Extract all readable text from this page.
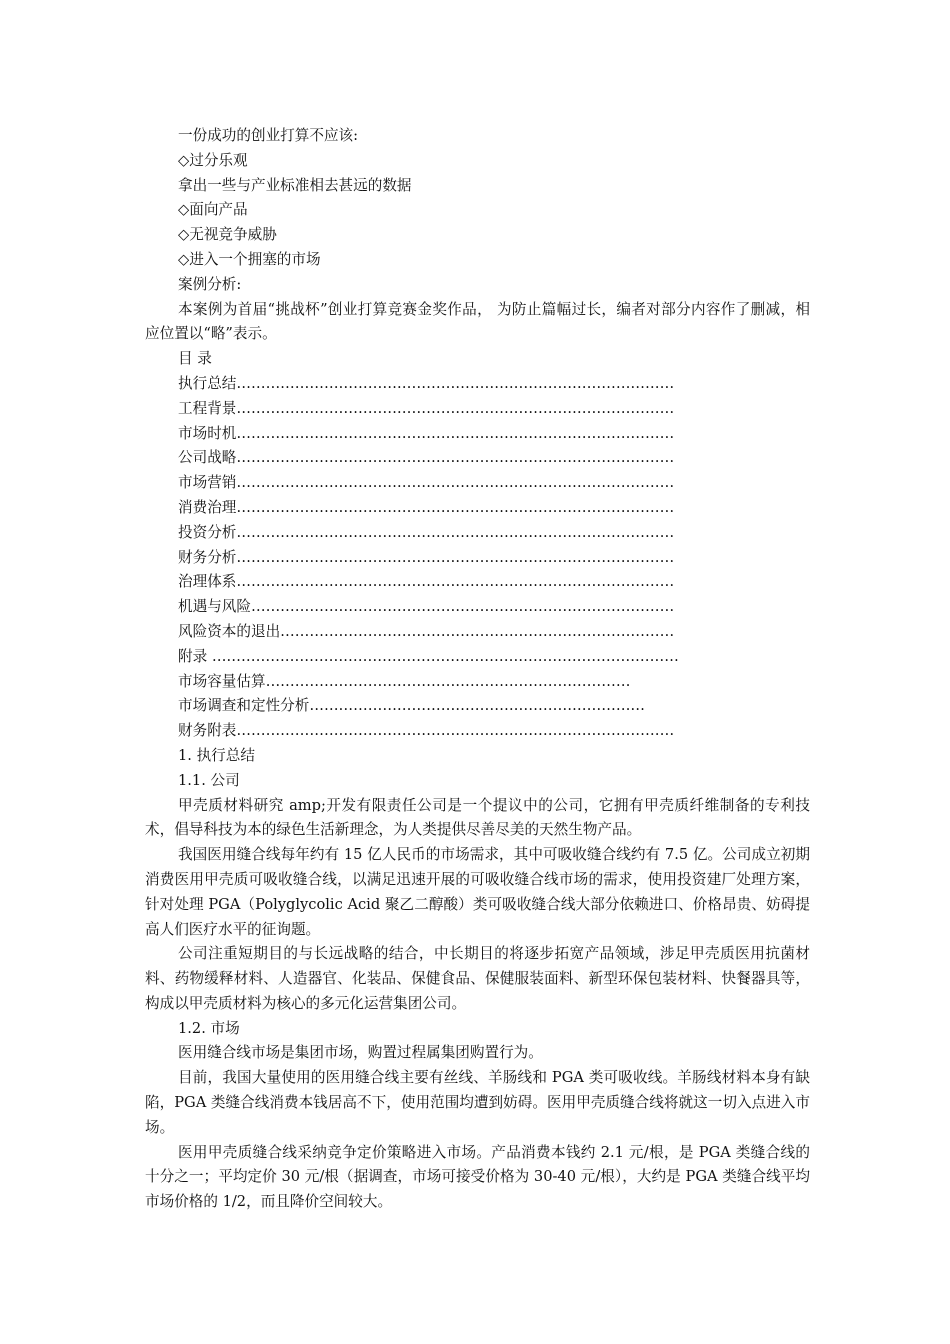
一份成功的创业打算不应该:
◇过分乐观
拿出一些与产业标准相去甚远的数据
◇面向产品
◇无视竞争威胁
◇进入一个拥塞的市场
案例分析:
本案例为首届“挑战杯”创业打算竞赛金奖作品， 为防止篇幅过长，编者对部分内容作了删减，相应位置以“略”表示。
目 录
执行总结………………………………………………………………………………
工程背景………………………………………………………………………………
市场时机………………………………………………………………………………
公司战略………………………………………………………………………………
市场营销………………………………………………………………………………
消费治理………………………………………………………………………………
投资分析………………………………………………………………………………
财务分析………………………………………………………………………………
治理体系………………………………………………………………………………
机遇与风险……………………………………………………………………………
风险资本的退出………………………………………………………………………
附录 ……………………………………………………………………………………
市场容量估算…………………………………………………………………
市场调查和定性分析……………………………………………………………
财务附表………………………………………………………………………………
1. 执行总结
1.1. 公司
甲壳质材料研究 amp;开发有限责任公司是一个提议中的公司，它拥有甲壳质纤维制备的专利技术，倡导科技为本的绿色生活新理念，为人类提供尽善尽美的天然生物产品。
我国医用缝合线每年约有 15 亿人民币的市场需求，其中可吸收缝合线约有 7.5 亿。公司成立初期消费医用甲壳质可吸收缝合线，以满足迅速开展的可吸收缝合线市场的需求，使用投资建厂处理方案，针对处理 PGA（Polyglycolic Acid 聚乙二醇酸）类可吸收缝合线大部分依赖进口、价格昂贵、妨碍提高人们医疗水平的征询题。
公司注重短期目的与长远战略的结合，中长期目的将逐步拓宽产品领域，涉足甲壳质医用抗菌材料、药物缓释材料、人造器官、化装品、保健食品、保健服装面料、新型环保包装材料、快餐器具等，构成以甲壳质材料为核心的多元化运营集团公司。
1.2. 市场
医用缝合线市场是集团市场，购置过程属集团购置行为。
目前，我国大量使用的医用缝合线主要有丝线、羊肠线和 PGA 类可吸收线。羊肠线材料本身有缺陷，PGA 类缝合线消费本钱居高不下，使用范围均遭到妨碍。医用甲壳质缝合线将就这一切入点进入市场。
医用甲壳质缝合线采纳竞争定价策略进入市场。产品消费本钱约 2.1 元/根，是 PGA 类缝合线的十分之一；平均定价 30 元/根（据调查，市场可接受价格为 30-40 元/根），大约是 PGA 类缝合线平均市场价格的 1/2，而且降价空间较大。
